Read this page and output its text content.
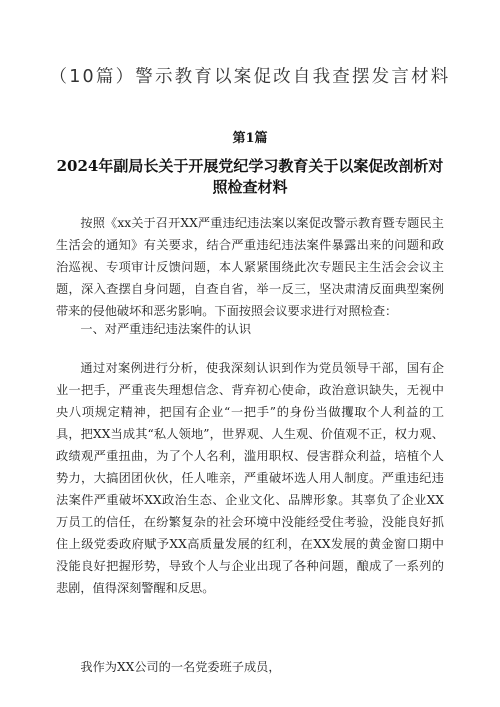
（10篇）警示教育以案促改自我查摆发言材料
第1篇
2024年副局长关于开展党纪学习教育关于以案促改剖析对照检查材料

按照《xx关于召开XX严重违纪违法案以案促改警示教育暨专题民主生活会的通知》有关要求，结合严重违纪违法案件暴露出来的问题和政治巡视、专项审计反馈问题，本人紧紧围绕此次专题民主生活会会议主题，深入查摆自身问题，自查自省，举一反三，坚决肃清反面典型案例带来的侵他破坏和恶劣影响。下面按照会议要求进行对照检查：

一、对严重违纪违法案件的认识

通过对案例进行分析，使我深刻认识到作为党员领导干部，国有企业一把手，严重丧失理想信念、背弃初心使命，政治意识缺失，无视中央八项规定精神，把国有企业“一把手”的身份当做攫取个人利益的工具，把XX当成其“私人领地”，世界观、人生观、价值观不正，权力观、政绩观严重扭曲，为了个人名利，滥用职权、侵害群众利益，培植个人势力，大搞团团伙伙，任人唯亲，严重破坏选人用人制度。严重违纪违法案件严重破坏XX政治生态、企业文化、品牌形象。其辜负了企业XX万员工的信任，在纷繁复杂的社会环境中没能经受住考验，没能良好抓住上级党委政府赋予XX高质量发展的红利，在XX发展的黄金窗口期中没能良好把握形势，导致个人与企业出现了各种问题，酿成了一系列的悲剧，值得深刻警醒和反思。

我作为XX公司的一名党委班子成员，
